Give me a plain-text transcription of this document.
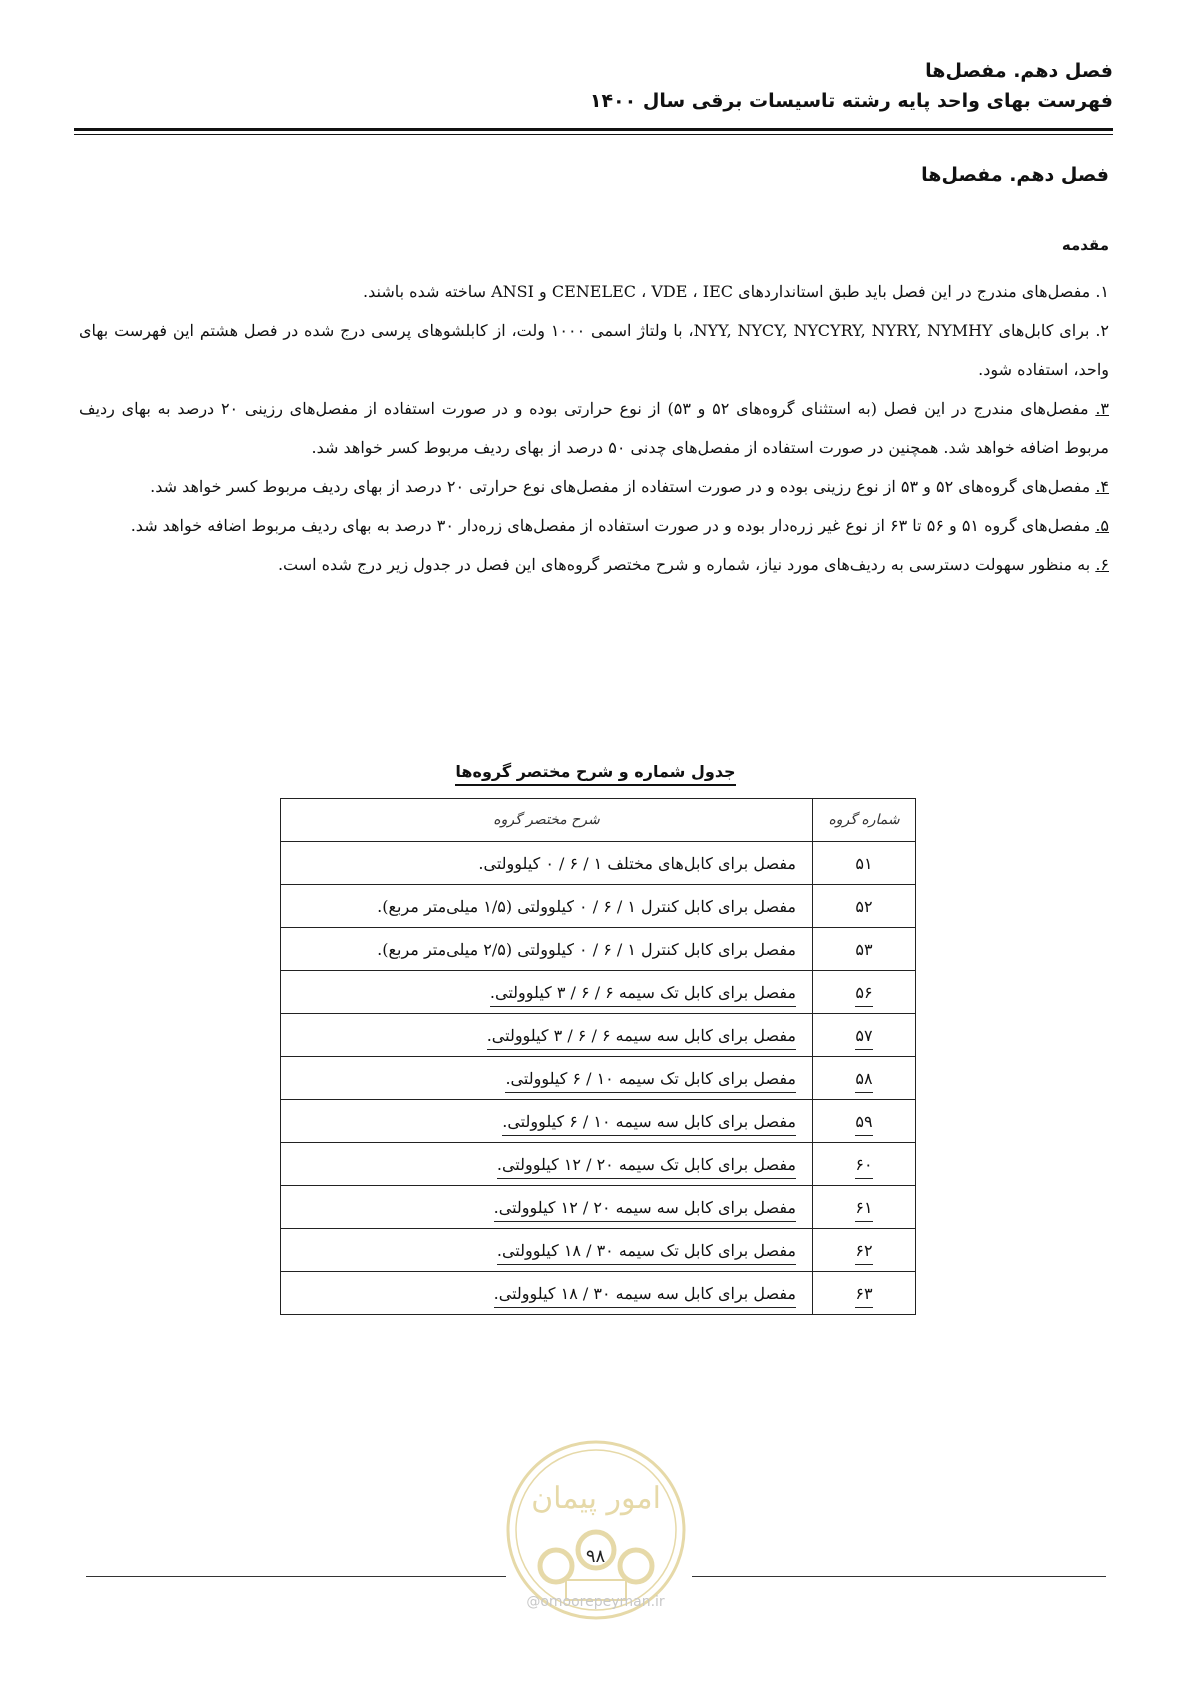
فصل دهم. مفصل‌ها
فهرست بهای واحد پایه رشته تاسیسات برقی سال ۱۴۰۰
فصل دهم. مفصل‌ها
مقدمه

۱. مفصل‌های مندرج در این فصل باید طبق استانداردهای CENELEC ، VDE ، IEC و ANSI ساخته شده باشند.

۲. برای کابل‌های NYY, NYCY, NYCYRY, NYRY, NYMHY، با ولتاژ اسمی ۱۰۰۰ ولت، از کابلشوهای پرسی درج شده در فصل هشتم این فهرست بهای واحد، استفاده شود.

۳. مفصل‌های مندرج در این فصل (به استثنای گروه‌های ۵۲ و ۵۳) از نوع حرارتی بوده و در صورت استفاده از مفصل‌های رزینی ۲۰ درصد به بهای ردیف مربوط اضافه خواهد شد. همچنین در صورت استفاده از مفصل‌های چدنی ۵۰ درصد از بهای ردیف مربوط کسر خواهد شد.

۴. مفصل‌های گروه‌های ۵۲ و ۵۳ از نوع رزینی بوده و در صورت استفاده از مفصل‌های نوع حرارتی ۲۰ درصد از بهای ردیف مربوط کسر خواهد شد.

۵. مفصل‌های گروه ۵۱ و ۵۶ تا ۶۳ از نوع غیر زره‌دار بوده و در صورت استفاده از مفصل‌های زره‌دار ۳۰ درصد به بهای ردیف مربوط اضافه خواهد شد.

۶. به منظور سهولت دسترسی به ردیف‌های مورد نیاز، شماره و شرح مختصر گروه‌های این فصل در جدول زیر درج شده است.

جدول شماره و شرح مختصر گروه‌ها
شماره گروه	شرح مختصر گروه
۵۱	مفصل برای کابل‌های مختلف ۱ / ۶ / ۰ کیلوولتی.
۵۲	مفصل برای کابل کنترل ۱ / ۶ / ۰ کیلوولتی (۱/۵ میلی‌متر مربع).
۵۳	مفصل برای کابل کنترل ۱ / ۶ / ۰ کیلوولتی (۲/۵ میلی‌متر مربع).
۵۶	مفصل برای کابل تک سیمه ۶ / ۶ / ۳ کیلوولتی.
۵۷	مفصل برای کابل سه سیمه ۶ / ۶ / ۳ کیلوولتی.
۵۸	مفصل برای کابل تک سیمه ۱۰ / ۶ کیلوولتی.
۵۹	مفصل برای کابل سه سیمه ۱۰ / ۶ کیلوولتی.
۶۰	مفصل برای کابل تک سیمه ۲۰ / ۱۲ کیلوولتی.
۶۱	مفصل برای کابل سه سیمه ۲۰ / ۱۲ کیلوولتی.
۶۲	مفصل برای کابل تک سیمه ۳۰ / ۱۸ کیلوولتی.
۶۳	مفصل برای کابل سه سیمه ۳۰ / ۱۸ کیلوولتی.
امور پیمان
۹۸
@omoorepeyman.ir
